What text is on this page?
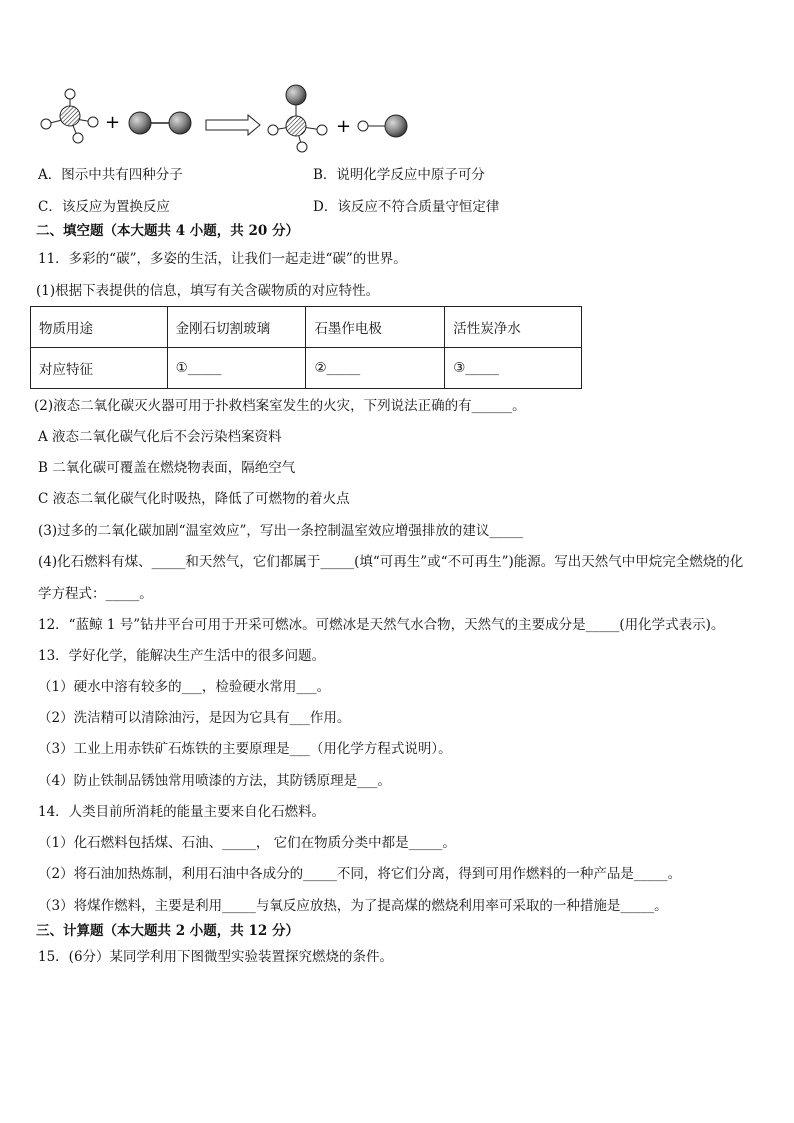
+	+
A．图示中共有四种分子	B．说明化学反应中原子可分
C．该反应为置换反应	D．该反应不符合质量守恒定律
二、填空题（本大题共 4 小题，共 20 分）
11．多彩的“碳”，多姿的生活，让我们一起走进“碳”的世界。
(1)根据下表提供的信息，填写有关含碳物质的对应特性。
物质用途	金刚石切割玻璃	石墨作电极	活性炭净水
对应特征	①_____	②_____	③_____
(2)液态二氧化碳灭火器可用于扑救档案室发生的火灾，下列说法正确的有______。
A 液态二氧化碳气化后不会污染档案资料
B 二氧化碳可覆盖在燃烧物表面，隔绝空气
C 液态二氧化碳气化时吸热，降低了可燃物的着火点
(3)过多的二氧化碳加剧“温室效应”，写出一条控制温室效应增强排放的建议_____
(4)化石燃料有煤、_____和天然气，它们都属于_____(填“可再生”或“不可再生”)能源。写出天然气中甲烷完全燃烧的化
学方程式：_____。
12．“蓝鲸 1 号”钻井平台可用于开采可燃冰。可燃冰是天然气水合物，天然气的主要成分是_____(用化学式表示)。
13．学好化学，能解决生产生活中的很多问题。
（1）硬水中溶有较多的___，检验硬水常用___。
（2）洗洁精可以清除油污，是因为它具有___作用。
（3）工业上用赤铁矿石炼铁的主要原理是___（用化学方程式说明）。
（4）防止铁制品锈蚀常用喷漆的方法，其防锈原理是___。
14．人类目前所消耗的能量主要来自化石燃料。
（1）化石燃料包括煤、石油、_____， 它们在物质分类中都是_____。
（2）将石油加热炼制，利用石油中各成分的_____不同，将它们分离，得到可用作燃料的一种产品是_____。
（3）将煤作燃料，主要是利用_____与氧反应放热，为了提高煤的燃烧利用率可采取的一种措施是_____。
三、计算题（本大题共 2 小题，共 12 分）
15．(6分）某同学利用下图微型实验装置探究燃烧的条件。
